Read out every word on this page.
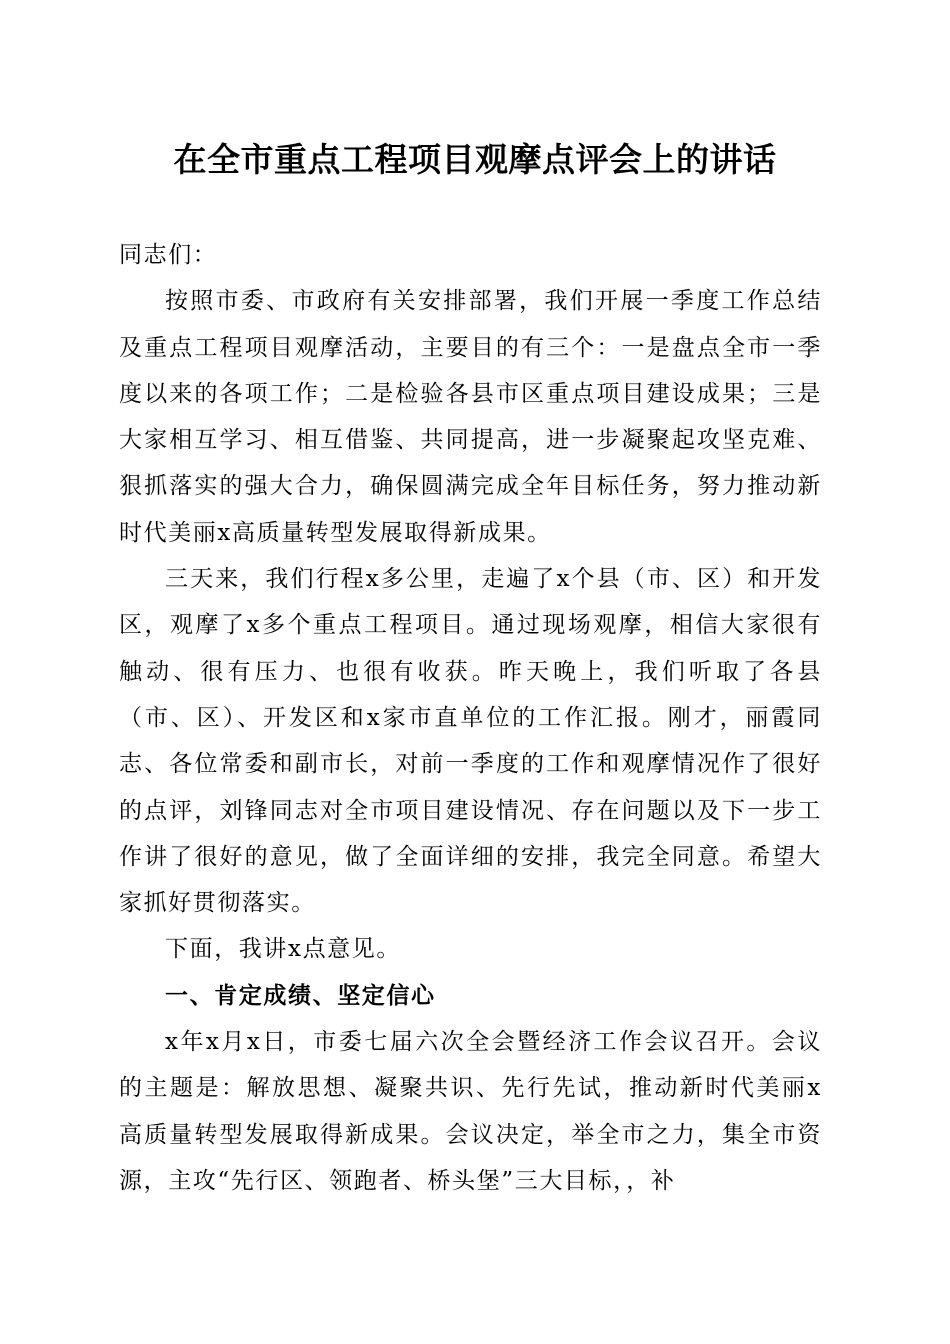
在全市重点工程项目观摩点评会上的讲话

同志们：

按照市委、市政府有关安排部署，我们开展一季度工作总结及重点工程项目观摩活动，主要目的有三个：一是盘点全市一季度以来的各项工作；二是检验各县市区重点项目建设成果；三是大家相互学习、相互借鉴、共同提高，进一步凝聚起攻坚克难、狠抓落实的强大合力，确保圆满完成全年目标任务，努力推动新时代美丽x高质量转型发展取得新成果。

三天来，我们行程x多公里，走遍了x个县（市、区）和开发区，观摩了x多个重点工程项目。通过现场观摩，相信大家很有触动、很有压力、也很有收获。昨天晚上，我们听取了各县（市、区）、开发区和x家市直单位的工作汇报。刚才，丽霞同志、各位常委和副市长，对前一季度的工作和观摩情况作了很好的点评，刘锋同志对全市项目建设情况、存在问题以及下一步工作讲了很好的意见，做了全面详细的安排，我完全同意。希望大家抓好贯彻落实。

下面，我讲x点意见。

一、肯定成绩、坚定信心

x年x月x日，市委七届六次全会暨经济工作会议召开。会议的主题是：解放思想、凝聚共识、先行先试，推动新时代美丽x高质量转型发展取得新成果。会议决定，举全市之力，集全市资源，主攻“先行区、领跑者、桥头堡”三大目标，，补
